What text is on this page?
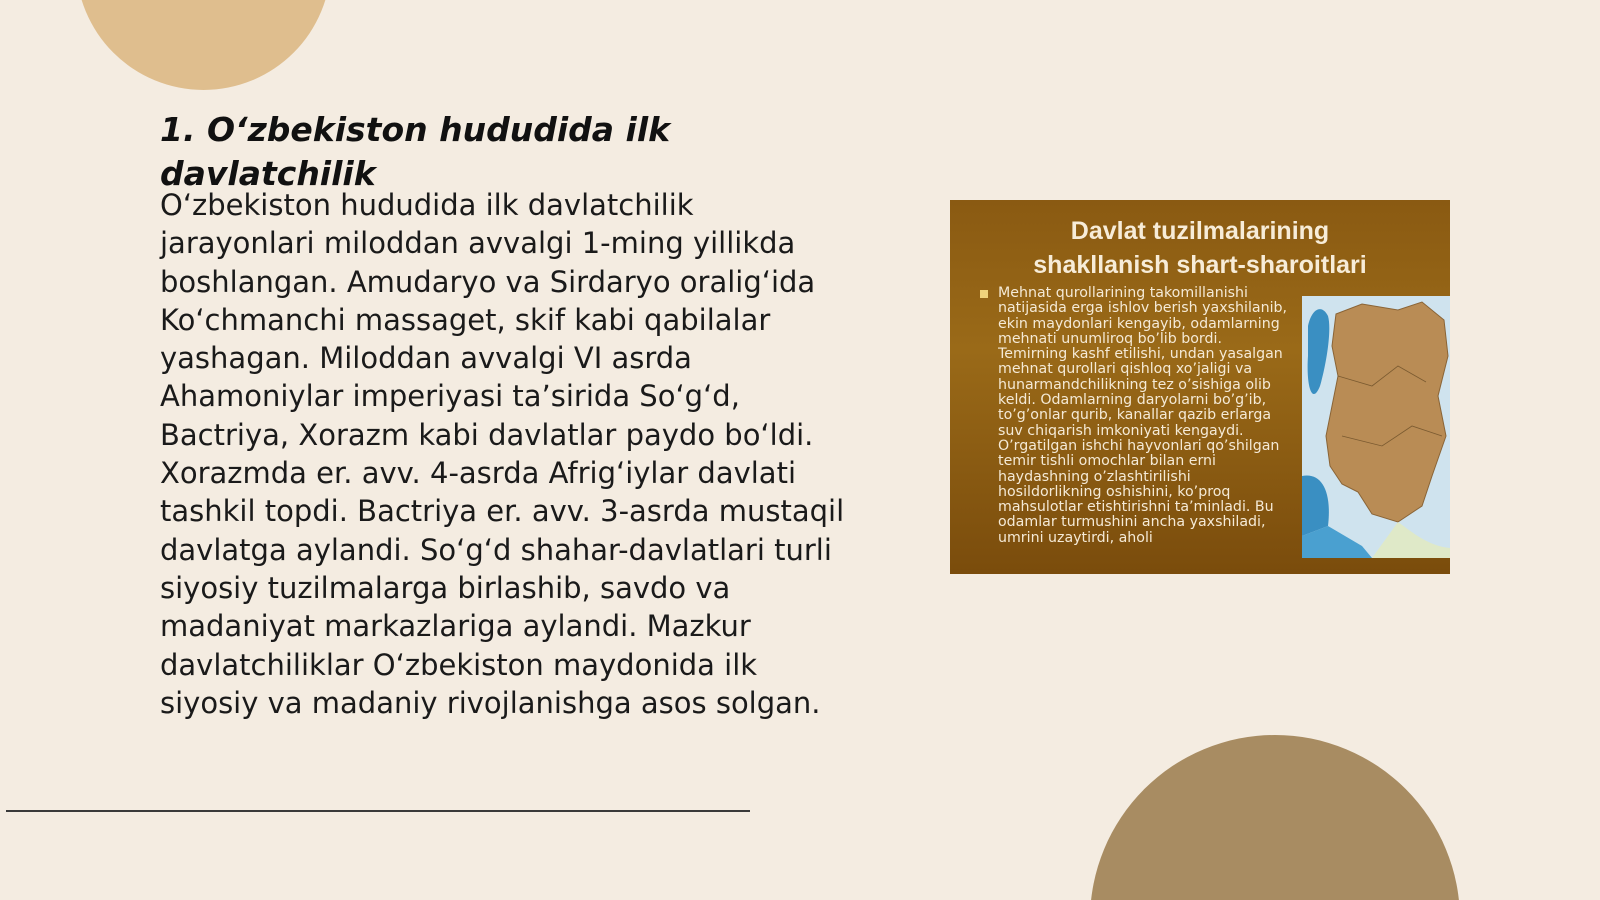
1. O‘zbekiston hududida ilk davlatchilik

O‘zbekiston hududida ilk davlatchilik jarayonlari miloddan avvalgi 1-ming yillikda boshlangan. Amudaryo va Sirdaryo oralig‘ida Ko‘chmanchi massaget, skif kabi qabilalar yashagan. Miloddan avvalgi VI asrda Ahamoniylar imperiyasi ta’sirida So‘g‘d, Bactriya, Xorazm kabi davlatlar paydo bo‘ldi. Xorazmda er. avv. 4-asrda Afrig‘iylar davlati tashkil topdi. Bactriya er. avv. 3-asrda mustaqil davlatga aylandi. So‘g‘d shahar-davlatlari turli siyosiy tuzilmalarga birlashib, savdo va madaniyat markazlariga aylandi. Mazkur davlatchiliklar O‘zbekiston maydonida ilk siyosiy va madaniy rivojlanishga asos solgan.

Davlat tuzilmalarining
shakllanish shart-sharoitlari
Mehnat qurollarining takomillanishi natijasida erga ishlov berish yaxshilanib, ekin maydonlari kengayib, odamlarning mehnati unumliroq bo’lib bordi. Temirning kashf etilishi, undan yasalgan mehnat qurollari qishloq xo’jaligi va hunarmandchilikning tez o’sishiga olib keldi. Odamlarning daryolarni bo’g’ib, to’g’onlar qurib, kanallar qazib erlarga suv chiqarish imkoniyati kengaydi. O’rgatilgan ishchi hayvonlari qo’shilgan temir tishli omochlar bilan erni haydashning o’zlashtirilishi hosildorlikning oshishini, ko’proq mahsulotlar etishtirishni ta’minladi. Bu odamlar turmushini ancha yaxshiladi, umrini uzaytirdi, aholi
